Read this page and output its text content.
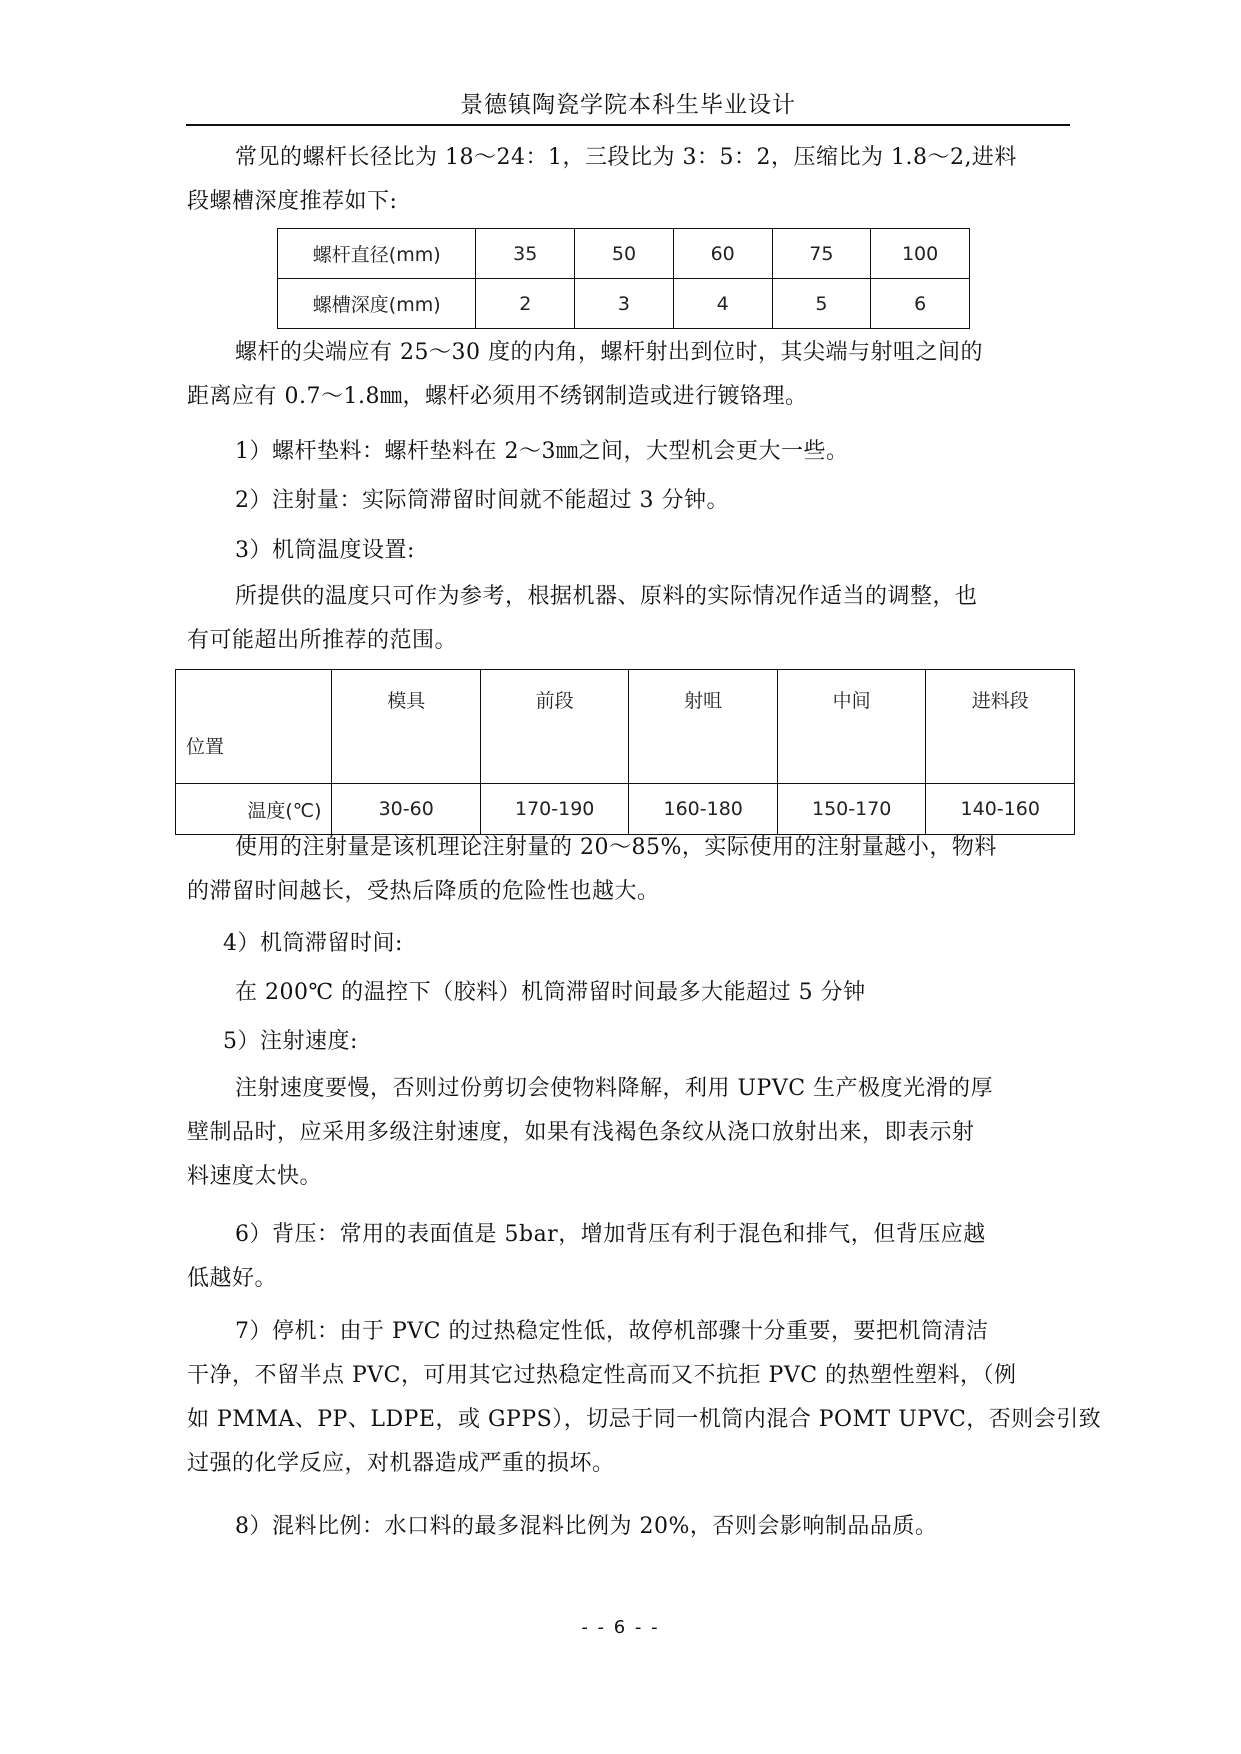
景德镇陶瓷学院本科生毕业设计
常见的螺杆长径比为 18～24：1，三段比为 3：5：2，压缩比为 1.8～2,进料
段螺槽深度推荐如下:
螺杆直径(mm)	35	50	60	75	100
螺槽深度(mm)	2	3	4	5	6
螺杆的尖端应有 25～30 度的内角，螺杆射出到位时，其尖端与射咀之间的
距离应有 0.7～1.8㎜，螺杆必须用不绣钢制造或进行镀铬理。
1）螺杆垫料：螺杆垫料在 2～3㎜之间，大型机会更大一些。
2）注射量：实际筒滞留时间就不能超过 3 分钟。
3）机筒温度设置:
所提供的温度只可作为参考，根据机器、原料的实际情况作适当的调整，也
有可能超出所推荐的范围。
位置	模具	前段	射咀	中间	进料段
温度(℃)	30-60	170-190	160-180	150-170	140-160
使用的注射量是该机理论注射量的 20～85%，实际使用的注射量越小，物料
的滞留时间越长，受热后降质的危险性也越大。
4）机筒滞留时间:
在 200℃ 的温控下（胶料）机筒滞留时间最多大能超过 5 分钟
5）注射速度:
注射速度要慢，否则过份剪切会使物料降解，利用 UPVC 生产极度光滑的厚
壁制品时，应采用多级注射速度，如果有浅褐色条纹从浇口放射出来，即表示射
料速度太快。
6）背压：常用的表面值是 5bar，增加背压有利于混色和排气，但背压应越
低越好。
7）停机：由于 PVC 的过热稳定性低，故停机部骤十分重要，要把机筒清洁
干净，不留半点 PVC，可用其它过热稳定性高而又不抗拒 PVC 的热塑性塑料，（例
如 PMMA、PP、LDPE，或 GPPS），切忌于同一机筒内混合 POMT UPVC，否则会引致
过强的化学反应，对机器造成严重的损坏。
8）混料比例：水口料的最多混料比例为 20%，否则会影响制品品质。
- - 6 - -
